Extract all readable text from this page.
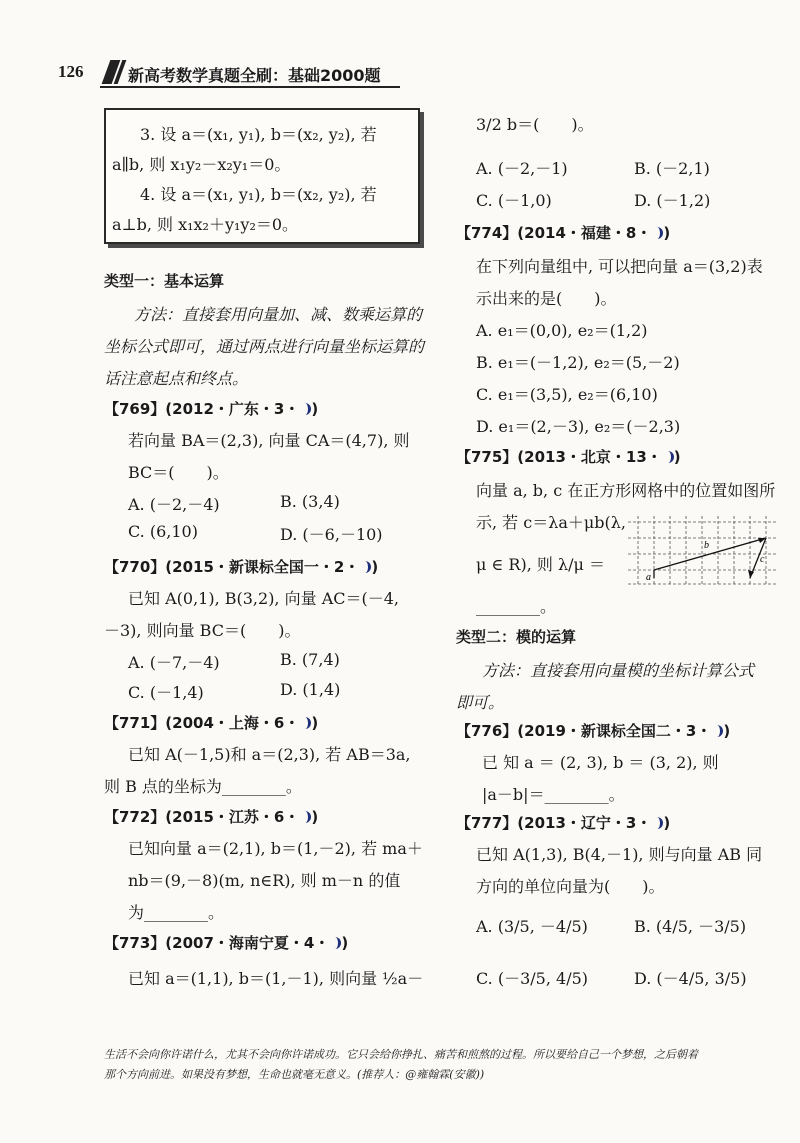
126	新高考数学真题全刷：基础2000题
3. 设 a＝(x₁, y₁), b＝(x₂, y₂), 若
a∥b, 则 x₁y₂－x₂y₁＝0。
4. 设 a＝(x₁, y₁), b＝(x₂, y₂), 若
a⊥b, 则 x₁x₂＋y₁y₂＝0。
类型一：基本运算
方法：直接套用向量加、减、数乘运算的
坐标公式即可，通过两点进行向量坐标运算的
话注意起点和终点。
【769】(2012・广东・3・ )
若向量 BA＝(2,3), 向量 CA＝(4,7), 则
BC＝(　　)。
A. (－2,－4)	B. (3,4)
C. (6,10)	D. (－6,－10)
【770】(2015・新课标全国一・2・ )
已知 A(0,1), B(3,2), 向量 AC＝(－4,
－3), 则向量 BC＝(　　)。
A. (－7,－4)	B. (7,4)
C. (－1,4)	D. (1,4)
【771】(2004・上海・6・ )
已知 A(－1,5)和 a＝(2,3), 若 AB＝3a,
则 B 点的坐标为________。
【772】(2015・江苏・6・ )
已知向量 a＝(2,1), b＝(1,－2), 若 ma＋
nb＝(9,－8)(m, n∈R), 则 m－n 的值
为________。
【773】(2007・海南宁夏・4・ )
已知 a＝(1,1), b＝(1,－1), 则向量 ½a－
3/2 b＝(　　)。
A. (－2,－1)	B. (－2,1)
C. (－1,0)	D. (－1,2)
【774】(2014・福建・8・ )
在下列向量组中, 可以把向量 a＝(3,2)表
示出来的是(　　)。
A. e₁＝(0,0), e₂＝(1,2)
B. e₁＝(－1,2), e₂＝(5,－2)
C. e₁＝(3,5), e₂＝(6,10)
D. e₁＝(2,－3), e₂＝(－2,3)
【775】(2013・北京・13・ )
向量 a, b, c 在正方形网格中的位置如图所
示, 若 c＝λa＋μb(λ,
μ ∈ R), 则 λ/μ ＝
________。
b
c
a
类型二：模的运算
方法：直接套用向量模的坐标计算公式
即可。
【776】(2019・新课标全国二・3・ )
已 知 a ＝ (2, 3), b ＝ (3, 2), 则
|a－b|＝________。
【777】(2013・辽宁・3・ )
已知 A(1,3), B(4,－1), 则与向量 AB 同
方向的单位向量为(　　)。
A. (3/5, －4/5)	B. (4/5, －3/5)
C. (－3/5, 4/5)	D. (－4/5, 3/5)
生活不会向你许诺什么，尤其不会向你许诺成功。它只会给你挣扎、痛苦和煎熬的过程。所以要给自己一个梦想，之后朝着
那个方向前进。如果没有梦想，生命也就毫无意义。(推荐人：@雍翰霖(安徽))
